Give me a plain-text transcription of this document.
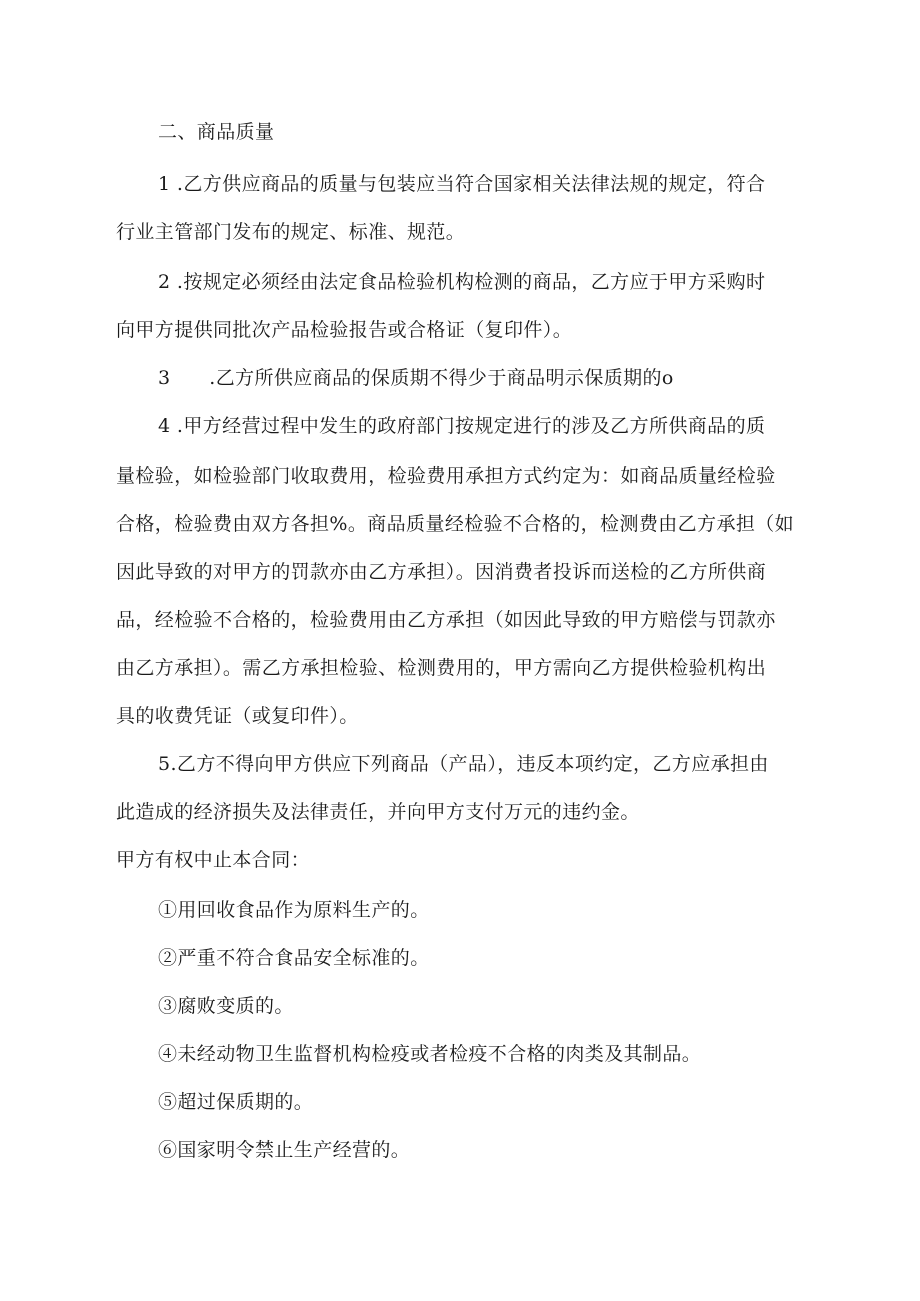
二、商品质量
1 .乙方供应商品的质量与包装应当符合国家相关法律法规的规定，符合
行业主管部门发布的规定、标准、规范。
2 .按规定必须经由法定食品检验机构检测的商品，乙方应于甲方采购时
向甲方提供同批次产品检验报告或合格证（复印件）。
3　　.乙方所供应商品的保质期不得少于商品明示保质期的o
4 .甲方经营过程中发生的政府部门按规定进行的涉及乙方所供商品的质
量检验，如检验部门收取费用，检验费用承担方式约定为：如商品质量经检验
合格，检验费由双方各担%。商品质量经检验不合格的，检测费由乙方承担（如
因此导致的对甲方的罚款亦由乙方承担）。因消费者投诉而送检的乙方所供商
品，经检验不合格的，检验费用由乙方承担（如因此导致的甲方赔偿与罚款亦
由乙方承担）。需乙方承担检验、检测费用的，甲方需向乙方提供检验机构出
具的收费凭证（或复印件）。
5.乙方不得向甲方供应下列商品（产品），违反本项约定，乙方应承担由
此造成的经济损失及法律责任，并向甲方支付万元的违约金。
甲方有权中止本合同：
①用回收食品作为原料生产的。
②严重不符合食品安全标准的。
③腐败变质的。
④未经动物卫生监督机构检疫或者检疫不合格的肉类及其制品。
⑤超过保质期的。
⑥国家明令禁止生产经营的。
